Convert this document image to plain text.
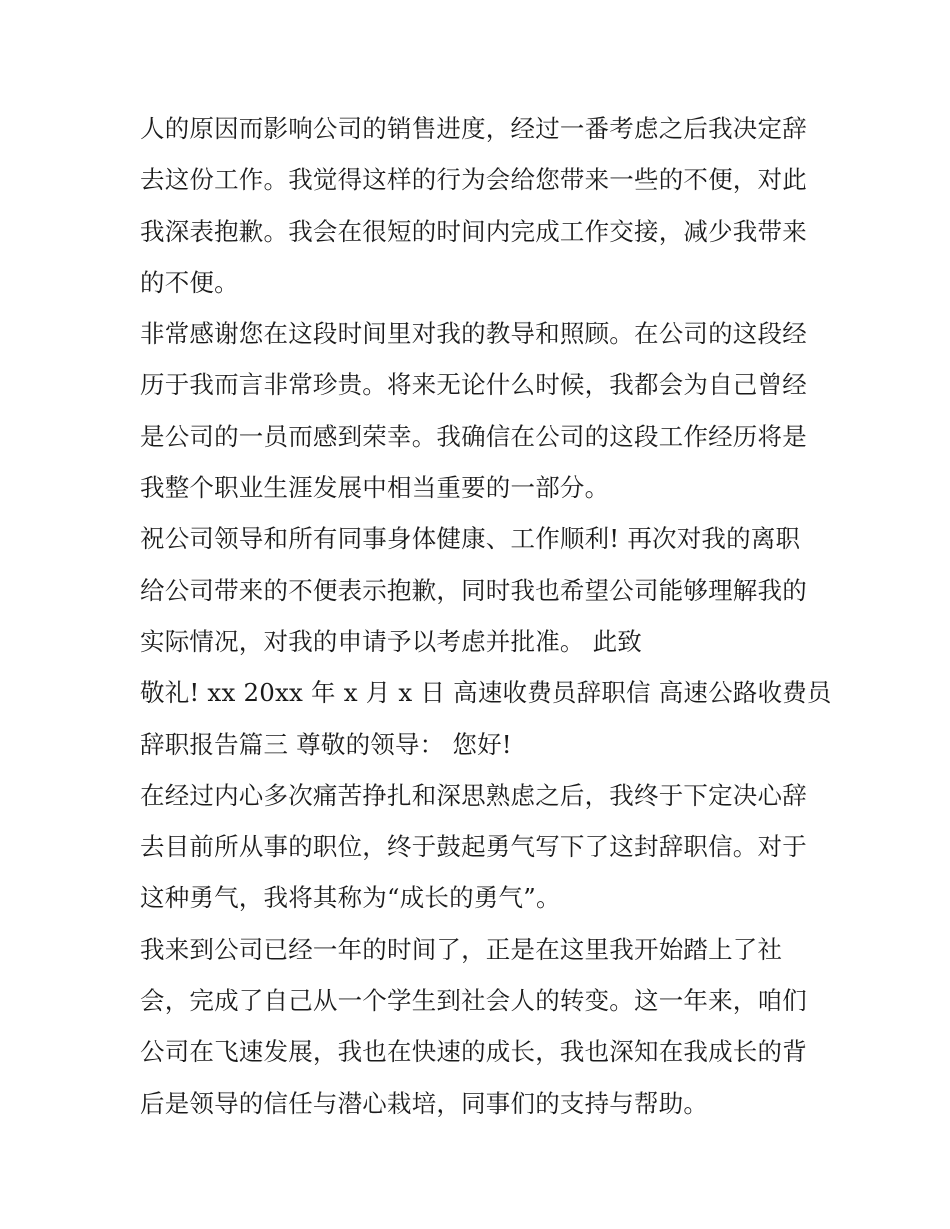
人的原因而影响公司的销售进度，经过一番考虑之后我决定辞
去这份工作。我觉得这样的行为会给您带来一些的不便，对此
我深表抱歉。我会在很短的时间内完成工作交接，减少我带来
的不便。

非常感谢您在这段时间里对我的教导和照顾。在公司的这段经
历于我而言非常珍贵。将来无论什么时候，我都会为自己曾经
是公司的一员而感到荣幸。我确信在公司的这段工作经历将是
我整个职业生涯发展中相当重要的一部分。

祝公司领导和所有同事身体健康、工作顺利! 再次对我的离职
给公司带来的不便表示抱歉，同时我也希望公司能够理解我的
实际情况，对我的申请予以考虑并批准。 此致
敬礼! xx 20xx 年 x 月 x 日 高速收费员辞职信 高速公路收费员
辞职报告篇三 尊敬的领导： 您好!

在经过内心多次痛苦挣扎和深思熟虑之后，我终于下定决心辞
去目前所从事的职位，终于鼓起勇气写下了这封辞职信。对于
这种勇气，我将其称为“成长的勇气”。

我来到公司已经一年的时间了，正是在这里我开始踏上了社
会，完成了自己从一个学生到社会人的转变。这一年来，咱们
公司在飞速发展，我也在快速的成长，我也深知在我成长的背
后是领导的信任与潜心栽培，同事们的支持与帮助。
